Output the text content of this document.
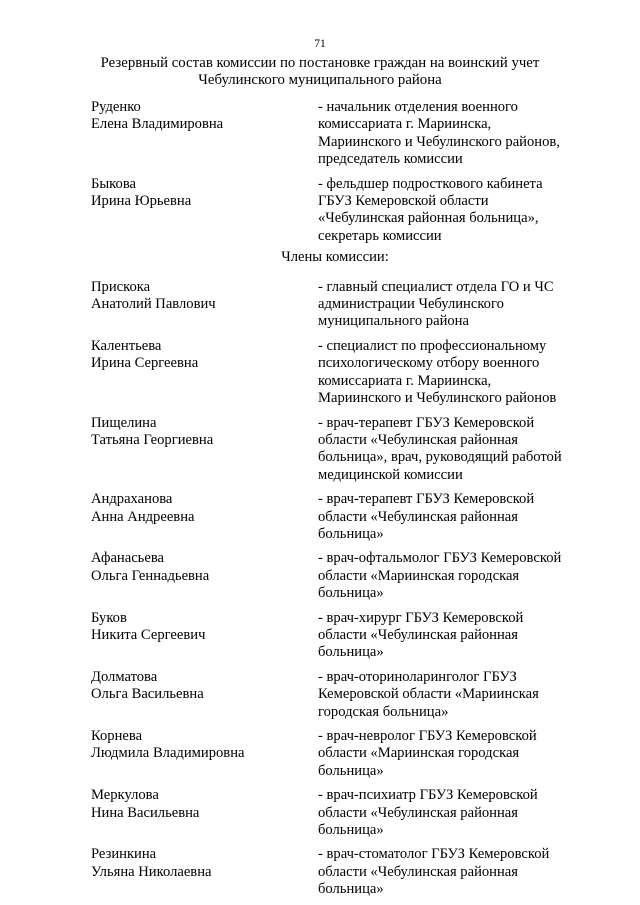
71
Резервный состав комиссии по постановке граждан на воинский учет
Чебулинского муниципального района
Руденко
Елена Владимировна
- начальник отделения военного
комиссариата г. Мариинска,
Мариинского и Чебулинского районов,
председатель комиссии
Быкова
Ирина Юрьевна
- фельдшер подросткового кабинета
ГБУЗ Кемеровской области
«Чебулинская районная больница»,
секретарь комиссии
Члены комиссии:
Прискока
Анатолий Павлович
- главный специалист отдела ГО и ЧС
администрации Чебулинского
муниципального района
Калентьева
Ирина Сергеевна
- специалист по профессиональному
психологическому отбору военного
комиссариата г. Мариинска,
Мариинского и Чебулинского районов
Пищелина
Татьяна Георгиевна
- врач-терапевт ГБУЗ Кемеровской
области «Чебулинская районная
больница», врач, руководящий работой
медицинской комиссии
Андраханова
Анна Андреевна
- врач-терапевт ГБУЗ Кемеровской
области «Чебулинская районная
больница»
Афанасьева
Ольга Геннадьевна
- врач-офтальмолог ГБУЗ Кемеровской
области «Мариинская городская
больница»
Буков
Никита Сергеевич
- врач-хирург ГБУЗ Кемеровской
области «Чебулинская районная
больница»
Долматова
Ольга Васильевна
- врач-оториноларинголог ГБУЗ
Кемеровской области «Мариинская
городская больница»
Корнева
Людмила Владимировна
- врач-невролог ГБУЗ Кемеровской
области «Мариинская городская
больница»
Меркулова
Нина Васильевна
- врач-психиатр ГБУЗ Кемеровской
области «Чебулинская районная
больница»
Резинкина
Ульяна Николаевна
- врач-стоматолог ГБУЗ Кемеровской
области «Чебулинская районная
больница»
